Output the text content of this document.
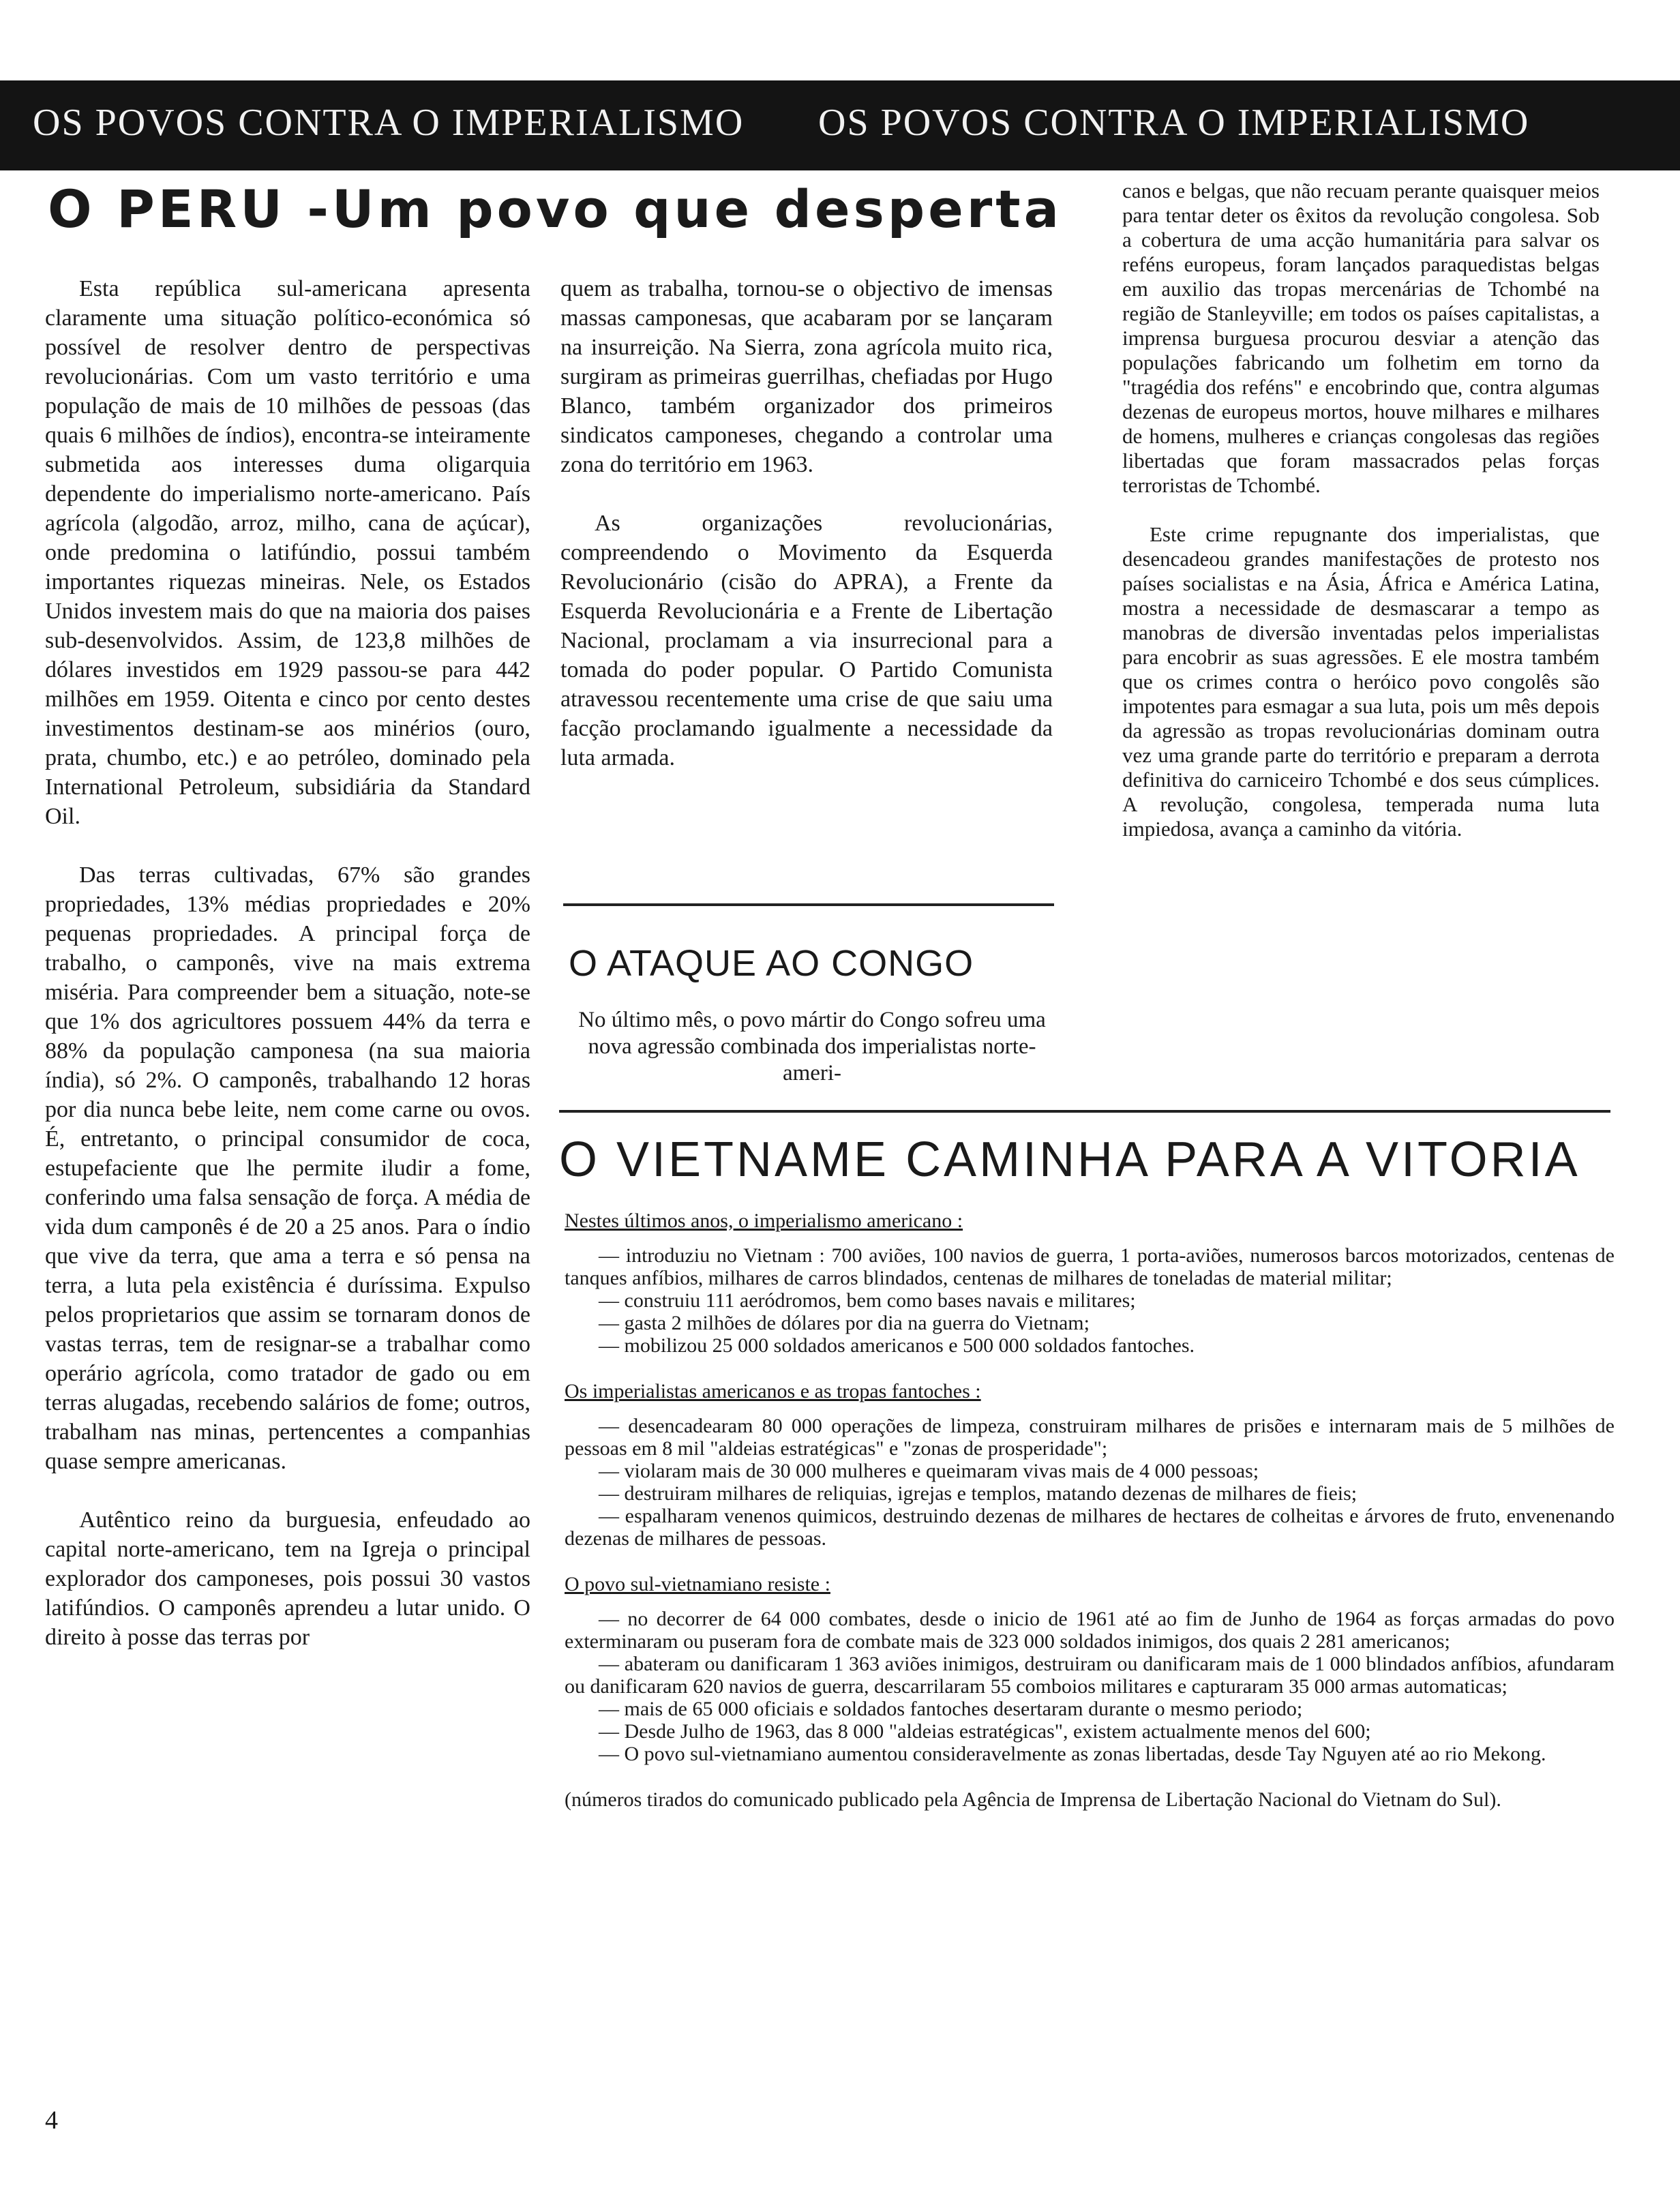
OS POVOS CONTRA O IMPERIALISMO OS POVOS CONTRA O IMPERIALISMO
O PERU -Um povo que desperta

Esta república sul-americana apresenta claramente uma situação político-económica só possível de resolver dentro de perspectivas revolucionárias. Com um vasto território e uma população de mais de 10 milhões de pessoas (das quais 6 milhões de índios), encontra-se inteiramente submetida aos interesses duma oligarquia dependente do imperialismo norte-americano. País agrícola (algodão, arroz, milho, cana de açúcar), onde predomina o latifúndio, possui também importantes riquezas mineiras. Nele, os Estados Unidos investem mais do que na maioria dos paises sub-desenvolvidos. Assim, de 123,8 milhões de dólares investidos em 1929 passou-se para 442 milhões em 1959. Oitenta e cinco por cento destes investimentos destinam-se aos minérios (ouro, prata, chumbo, etc.) e ao petróleo, dominado pela International Petroleum, subsidiária da Standard Oil.

Das terras cultivadas, 67% são grandes propriedades, 13% médias propriedades e 20% pequenas propriedades. A principal força de trabalho, o camponês, vive na mais extrema miséria. Para compreender bem a situação, note-se que 1% dos agricultores possuem 44% da terra e 88% da população camponesa (na sua maioria índia), só 2%. O camponês, trabalhando 12 horas por dia nunca bebe leite, nem come carne ou ovos. É, entretanto, o principal consumidor de coca, estupefaciente que lhe permite iludir a fome, conferindo uma falsa sensação de força. A média de vida dum camponês é de 20 a 25 anos. Para o índio que vive da terra, que ama a terra e só pensa na terra, a luta pela existência é duríssima. Expulso pelos proprietarios que assim se tornaram donos de vastas terras, tem de resignar-se a trabalhar como operário agrícola, como tratador de gado ou em terras alugadas, recebendo salários de fome; outros, trabalham nas minas, pertencentes a companhias quase sempre americanas.

Autêntico reino da burguesia, enfeudado ao capital norte-americano, tem na Igreja o principal explorador dos camponeses, pois possui 30 vastos latifúndios. O camponês aprendeu a lutar unido. O direito à posse das terras por

quem as trabalha, tornou-se o objectivo de imensas massas camponesas, que acabaram por se lançaram na insurreição. Na Sierra, zona agrícola muito rica, surgiram as primeiras guerrilhas, chefiadas por Hugo Blanco, também organizador dos primeiros sindicatos camponeses, chegando a controlar uma zona do território em 1963.

As organizações revolucionárias, compreendendo o Movimento da Esquerda Revolucionário (cisão do APRA), a Frente da Esquerda Revolucionária e a Frente de Libertação Nacional, proclamam a via insurrecional para a tomada do poder popular. O Partido Comunista atravessou recentemente uma crise de que saiu uma facção proclamando igualmente a necessidade da luta armada.

O ATAQUE AO CONGO
No último mês, o povo mártir do Congo sofreu uma nova agressão combinada dos imperialistas norte-ameri-

canos e belgas, que não recuam perante quaisquer meios para tentar deter os êxitos da revolução congolesa. Sob a cobertura de uma acção humanitária para salvar os reféns europeus, foram lançados paraquedistas belgas em auxilio das tropas mercenárias de Tchombé na região de Stanleyville; em todos os países capitalistas, a imprensa burguesa procurou desviar a atenção das populações fabricando um folhetim em torno da "tragédia dos reféns" e encobrindo que, contra algumas dezenas de europeus mortos, houve milhares e milhares de homens, mulheres e crianças congolesas das regiões libertadas que foram massacrados pelas forças terroristas de Tchombé.

Este crime repugnante dos imperialistas, que desencadeou grandes manifestações de protesto nos países socialistas e na Ásia, África e América Latina, mostra a necessidade de desmascarar a tempo as manobras de diversão inventadas pelos imperialistas para encobrir as suas agressões. E ele mostra também que os crimes contra o heróico povo congolês são impotentes para esmagar a sua luta, pois um mês depois da agressão as tropas revolucionárias dominam outra vez uma grande parte do território e preparam a derrota definitiva do carniceiro Tchombé e dos seus cúmplices. A revolução, congolesa, temperada numa luta impiedosa, avança a caminho da vitória.

O VIETNAME CAMINHA PARA A VITORIA
Nestes últimos anos, o imperialismo americano :

— introduziu no Vietnam : 700 aviões, 100 navios de guerra, 1 porta-aviões, numerosos barcos motorizados, centenas de tanques anfíbios, milhares de carros blindados, centenas de milhares de toneladas de material militar;

— construiu 111 aeródromos, bem como bases navais e militares;

— gasta 2 milhões de dólares por dia na guerra do Vietnam;

— mobilizou 25 000 soldados americanos e 500 000 soldados fantoches.

Os imperialistas americanos e as tropas fantoches :

— desencadearam 80 000 operações de limpeza, construiram milhares de prisões e internaram mais de 5 milhões de pessoas em 8 mil "aldeias estratégicas" e "zonas de prosperidade";

— violaram mais de 30 000 mulheres e queimaram vivas mais de 4 000 pessoas;

— destruiram milhares de reliquias, igrejas e templos, matando dezenas de milhares de fieis;

— espalharam venenos quimicos, destruindo dezenas de milhares de hectares de colheitas e árvores de fruto, envenenando dezenas de milhares de pessoas.

O povo sul-vietnamiano resiste :

— no decorrer de 64 000 combates, desde o inicio de 1961 até ao fim de Junho de 1964 as forças armadas do povo exterminaram ou puseram fora de combate mais de 323 000 soldados inimigos, dos quais 2 281 americanos;

— abateram ou danificaram 1 363 aviões inimigos, destruiram ou danificaram mais de 1 000 blindados anfíbios, afundaram ou danificaram 620 navios de guerra, descarrilaram 55 comboios militares e capturaram 35 000 armas automaticas;

— mais de 65 000 oficiais e soldados fantoches desertaram durante o mesmo periodo;

— Desde Julho de 1963, das 8 000 "aldeias estratégicas", existem actualmente menos del 600;

— O povo sul-vietnamiano aumentou consideravelmente as zonas libertadas, desde Tay Nguyen até ao rio Mekong.

(números tirados do comunicado publicado pela Agência de Imprensa de Libertação Nacional do Vietnam do Sul).
4
